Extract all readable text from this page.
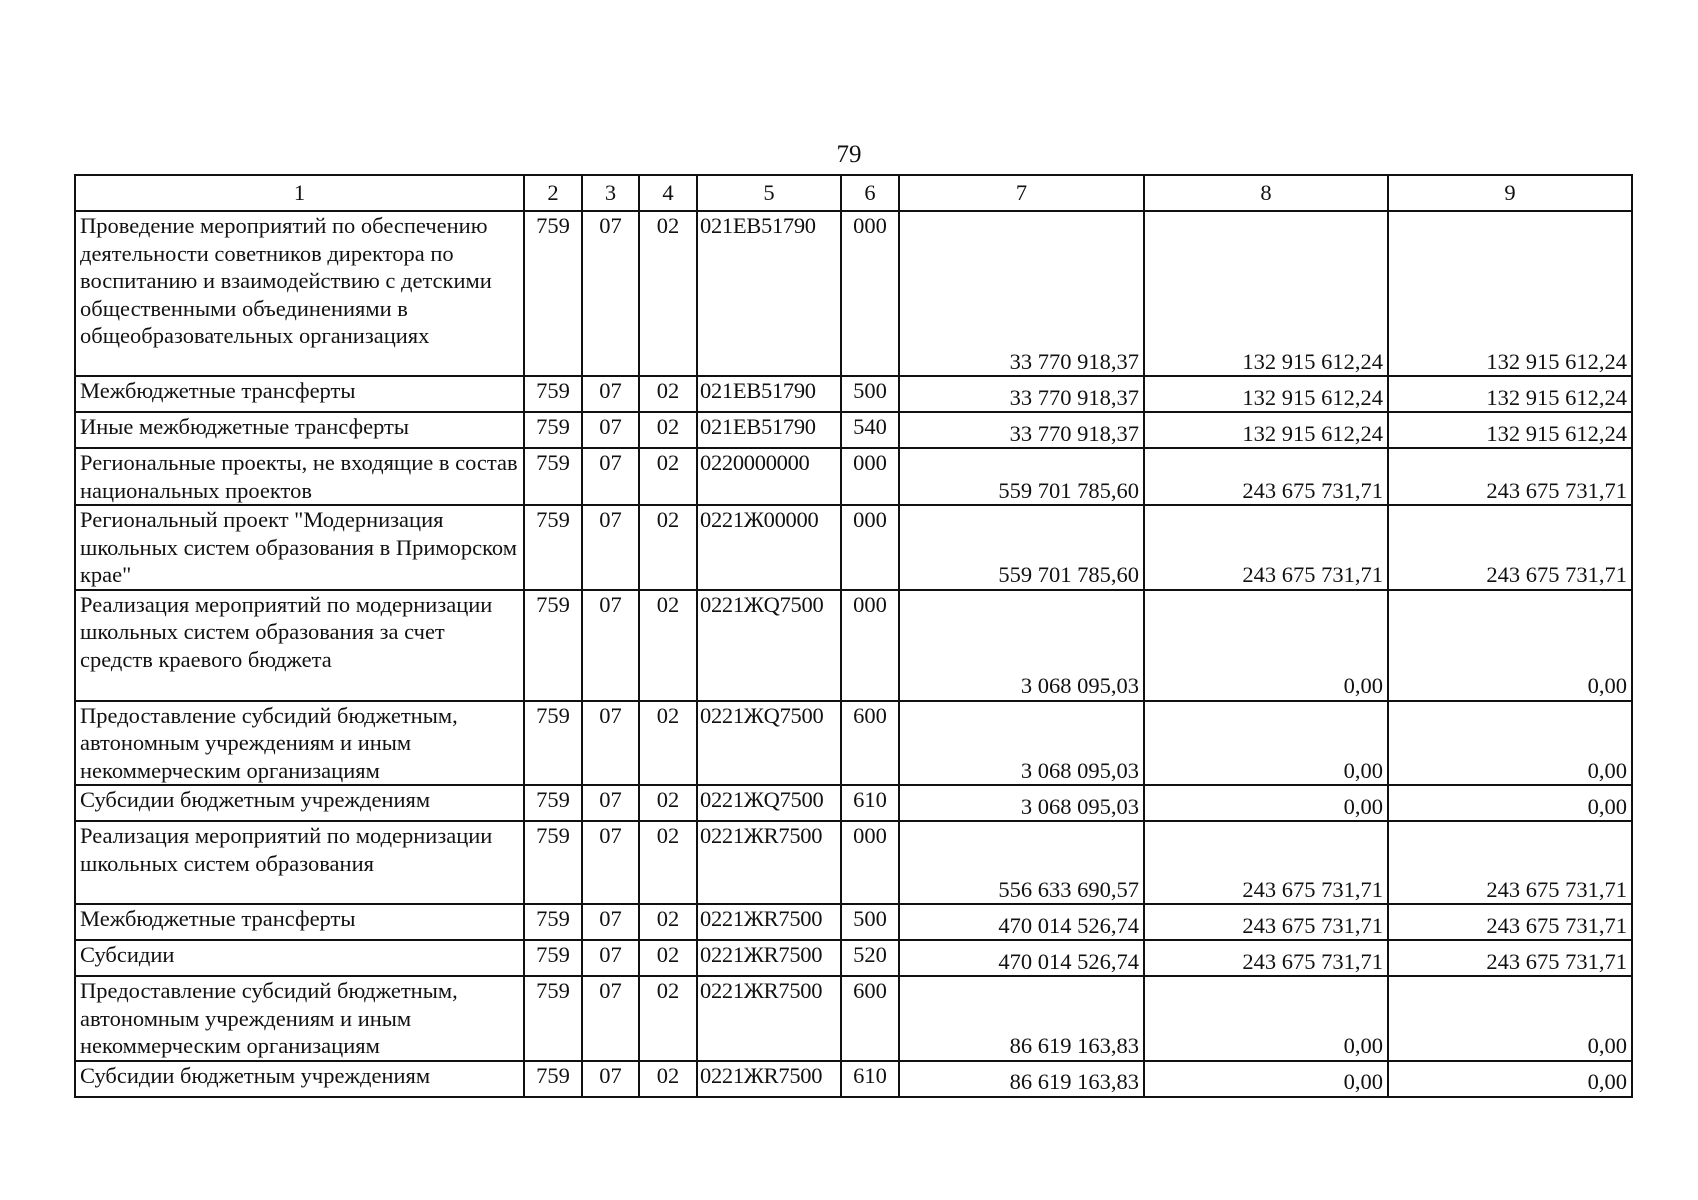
79
1	2	3	4	5	6	7	8	9
Проведение мероприятий по обеспечению деятельности советников директора по воспитанию и взаимодействию с детскими общественными объединениями в общеобразовательных организациях	759	07	02	021EB51790	000	33 770 918,37	132 915 612,24	132 915 612,24
Межбюджетные трансферты	759	07	02	021EB51790	500	33 770 918,37	132 915 612,24	132 915 612,24
Иные межбюджетные трансферты	759	07	02	021EB51790	540	33 770 918,37	132 915 612,24	132 915 612,24
Региональные проекты, не входящие в состав национальных проектов	759	07	02	0220000000	000	559 701 785,60	243 675 731,71	243 675 731,71
Региональный проект "Модернизация школьных систем образования в Приморском крае"	759	07	02	0221Ж00000	000	559 701 785,60	243 675 731,71	243 675 731,71
Реализация мероприятий по модернизации школьных систем образования за счет средств краевого бюджета	759	07	02	0221ЖQ7500	000	3 068 095,03	0,00	0,00
Предоставление субсидий бюджетным, автономным учреждениям и иным некоммерческим организациям	759	07	02	0221ЖQ7500	600	3 068 095,03	0,00	0,00
Субсидии бюджетным учреждениям	759	07	02	0221ЖQ7500	610	3 068 095,03	0,00	0,00
Реализация мероприятий по модернизации школьных систем образования	759	07	02	0221ЖR7500	000	556 633 690,57	243 675 731,71	243 675 731,71
Межбюджетные трансферты	759	07	02	0221ЖR7500	500	470 014 526,74	243 675 731,71	243 675 731,71
Субсидии	759	07	02	0221ЖR7500	520	470 014 526,74	243 675 731,71	243 675 731,71
Предоставление субсидий бюджетным, автономным учреждениям и иным некоммерческим организациям	759	07	02	0221ЖR7500	600	86 619 163,83	0,00	0,00
Субсидии бюджетным учреждениям	759	07	02	0221ЖR7500	610	86 619 163,83	0,00	0,00
